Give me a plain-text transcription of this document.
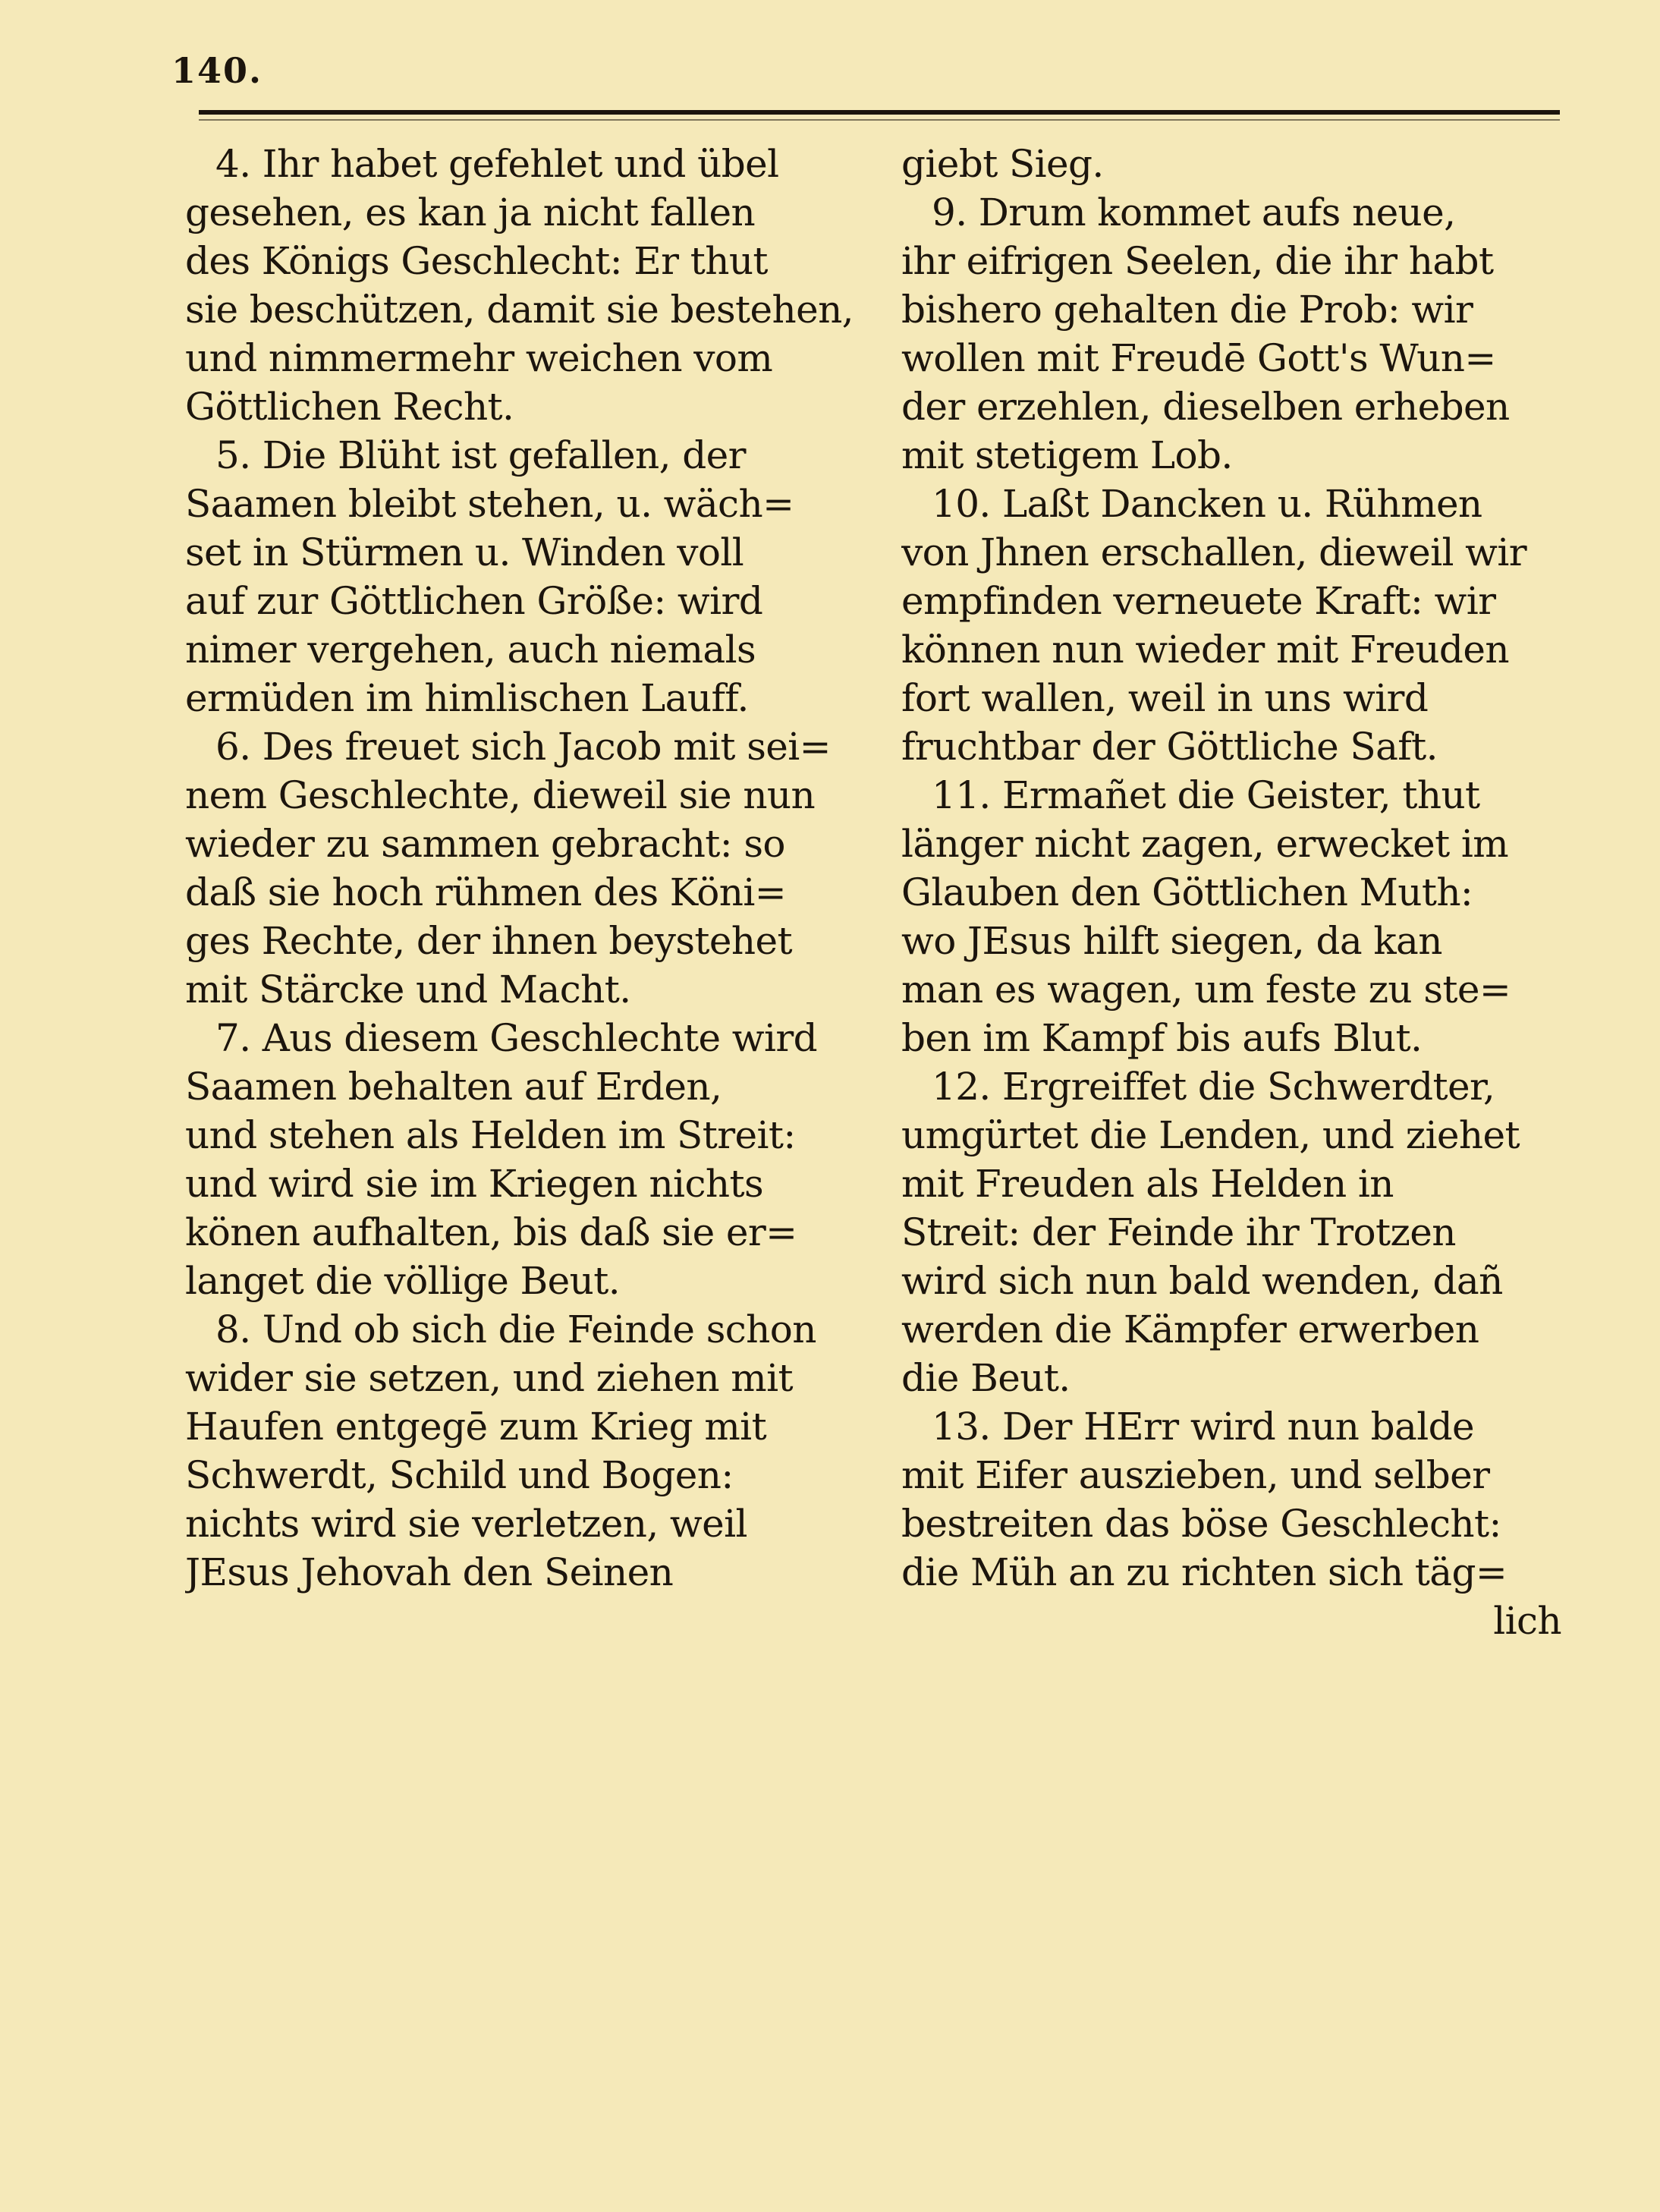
140.
4. Ihr habet gefehlet und übel
gesehen, es kan ja nicht fallen
des Königs Geschlecht: Er thut
sie beschützen, damit sie bestehen,
und nimmermehr weichen vom
Göttlichen Recht.
5. Die Blüht ist gefallen, der
Saamen bleibt stehen, u. wäch=
set in Stürmen u. Winden voll
auf zur Göttlichen Größe: wird
nimer vergehen, auch niemals
ermüden im himlischen Lauff.
6. Des freuet sich Jacob mit sei=
nem Geschlechte, dieweil sie nun
wieder zu sammen gebracht: so
daß sie hoch rühmen des Köni=
ges Rechte, der ihnen beystehet
mit Stärcke und Macht.
7. Aus diesem Geschlechte wird
Saamen behalten auf Erden,
und stehen als Helden im Streit:
und wird sie im Kriegen nichts
könen aufhalten, bis daß sie er=
langet die völlige Beut.
8. Und ob sich die Feinde schon
wider sie setzen, und ziehen mit
Haufen entgegē zum Krieg mit
Schwerdt, Schild und Bogen:
nichts wird sie verletzen, weil
JEsus Jehovah den Seinen
giebt Sieg.
9. Drum kommet aufs neue,
ihr eifrigen Seelen, die ihr habt
bishero gehalten die Prob: wir
wollen mit Freudē Gott's Wun=
der erzehlen, dieselben erheben
mit stetigem Lob.
10. Laßt Dancken u. Rühmen
von Jhnen erschallen, dieweil wir
empfinden verneuete Kraft: wir
können nun wieder mit Freuden
fort wallen, weil in uns wird
fruchtbar der Göttliche Saft.
11. Ermañet die Geister, thut
länger nicht zagen, erwecket im
Glauben den Göttlichen Muth:
wo JEsus hilft siegen, da kan
man es wagen, um feste zu ste=
ben im Kampf bis aufs Blut.
12. Ergreiffet die Schwerdter,
umgürtet die Lenden, und ziehet
mit Freuden als Helden in
Streit: der Feinde ihr Trotzen
wird sich nun bald wenden, dañ
werden die Kämpfer erwerben
die Beut.
13. Der HErr wird nun balde
mit Eifer auszieben, und selber
bestreiten das böse Geschlecht:
die Müh an zu richten sich täg=
lich
